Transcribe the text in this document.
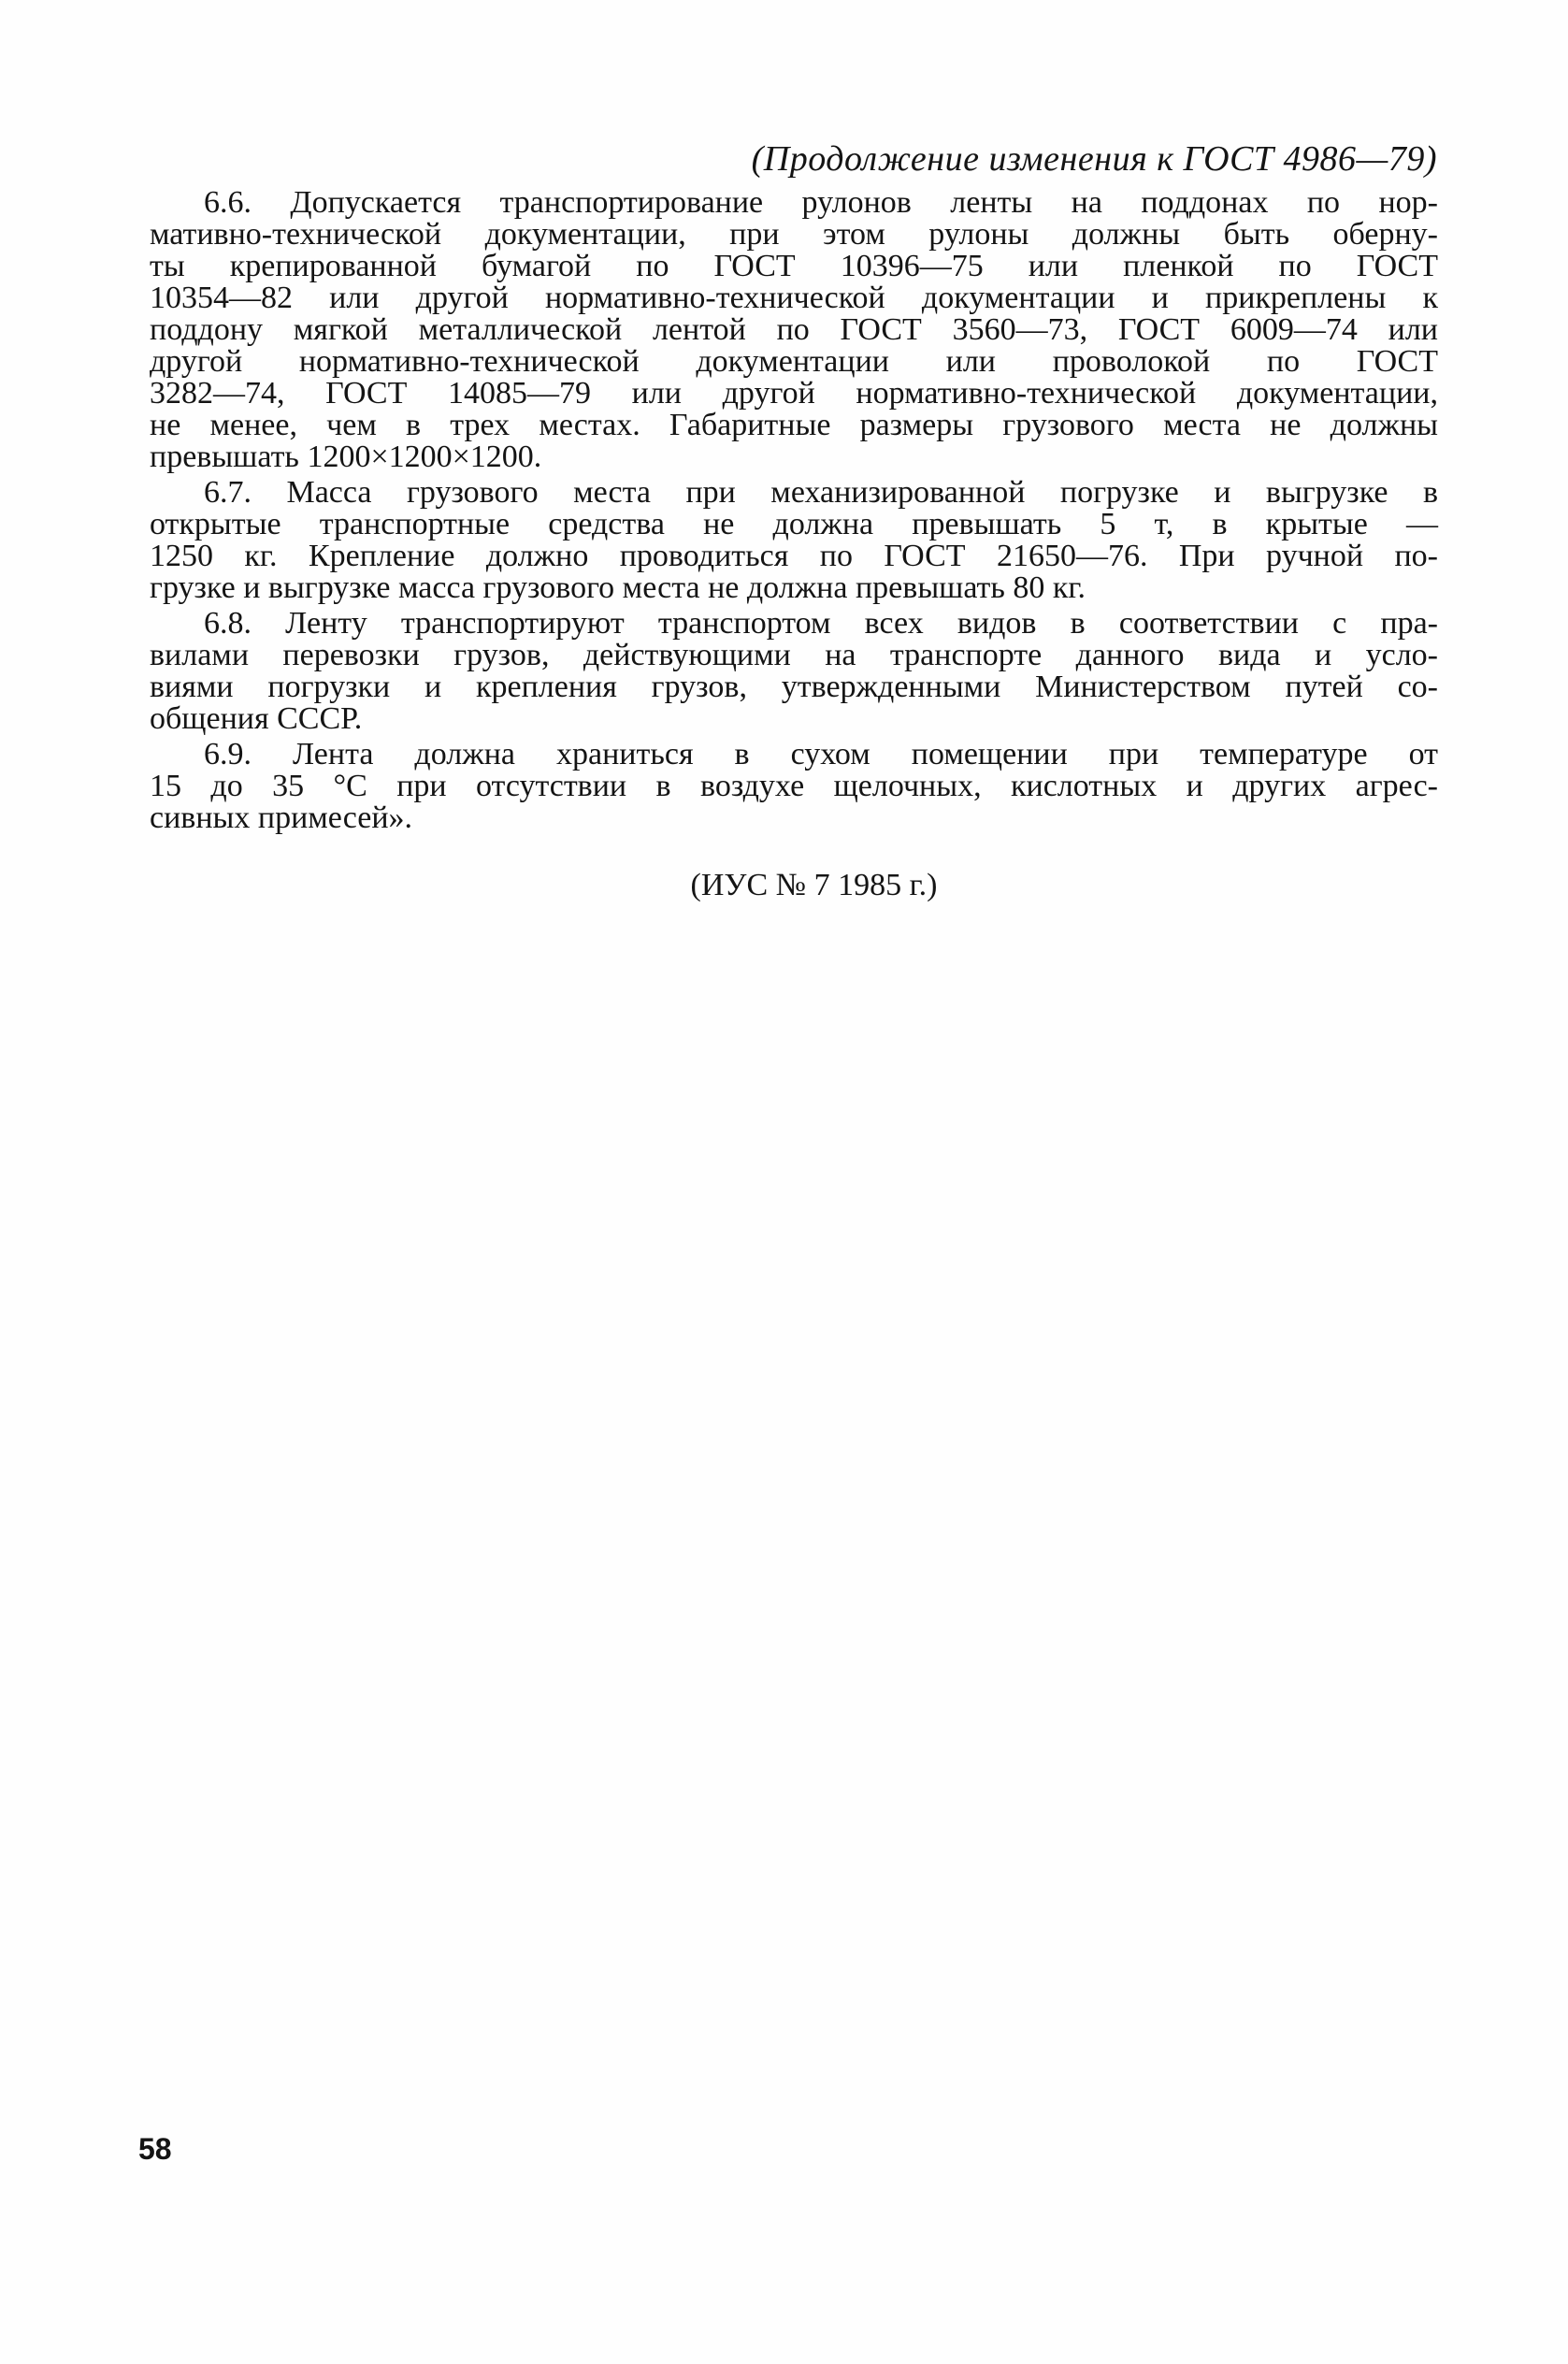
(Продолжение изменения к ГОСТ 4986—79)
6.6. Допускается транспортирование рулонов ленты на поддонах по нор-
мативно-технической документации, при этом рулоны должны быть оберну-
ты крепированной бумагой по ГОСТ 10396—75 или пленкой по ГОСТ
10354—82 или другой нормативно-технической документации и прикреплены к
поддону мягкой металлической лентой по ГОСТ 3560—73, ГОСТ 6009—74 или
другой нормативно-технической документации или проволокой по ГОСТ
3282—74, ГОСТ 14085—79 или другой нормативно-технической документации,
не менее, чем в трех местах. Габаритные размеры грузового места не должны
превышать 1200×1200×1200.
6.7. Масса грузового места при механизированной погрузке и выгрузке в
открытые транспортные средства не должна превышать 5 т, в крытые —
1250 кг. Крепление должно проводиться по ГОСТ 21650—76. При ручной по-
грузке и выгрузке масса грузового места не должна превышать 80 кг.
6.8. Ленту транспортируют транспортом всех видов в соответствии с пра-
вилами перевозки грузов, действующими на транспорте данного вида и усло-
виями погрузки и крепления грузов, утвержденными Министерством путей со-
общения СССР.
6.9. Лента должна храниться в сухом помещении при температуре от
15 до 35 °С при отсутствии в воздухе щелочных, кислотных и других агрес-
сивных примесей».
(ИУС № 7 1985 г.)
58
